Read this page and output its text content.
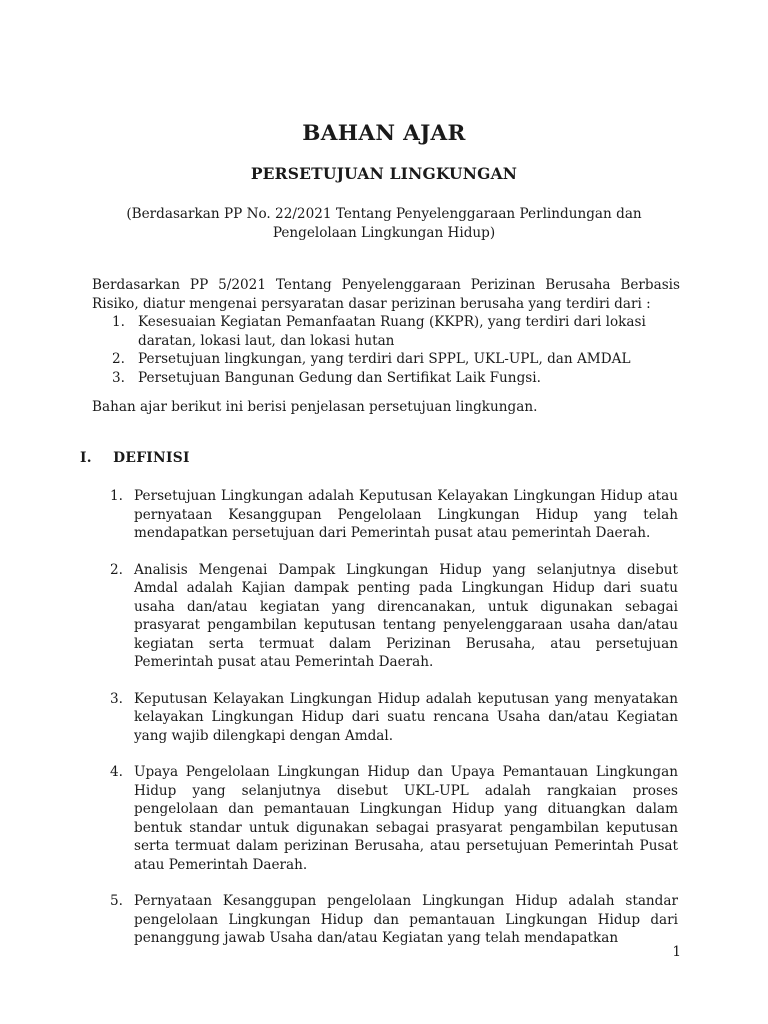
BAHAN AJAR
PERSETUJUAN LINGKUNGAN
(Berdasarkan PP No. 22/2021 Tentang Penyelenggaraan Perlindungan dan
Pengelolaan Lingkungan Hidup)
Berdasarkan PP 5/2021 Tentang Penyelenggaraan Perizinan Berusaha Berbasis Risiko, diatur mengenai persyaratan dasar perizinan berusaha yang terdiri dari :
1. Kesesuaian Kegiatan Pemanfaatan Ruang (KKPR), yang terdiri dari lokasi daratan, lokasi laut, dan lokasi hutan
2. Persetujuan lingkungan, yang terdiri dari SPPL, UKL-UPL, dan AMDAL
3. Persetujuan Bangunan Gedung dan Sertifikat Laik Fungsi.
Bahan ajar berikut ini berisi penjelasan persetujuan lingkungan.
I. DEFINISI
1. Persetujuan Lingkungan adalah Keputusan Kelayakan Lingkungan Hidup atau pernyataan Kesanggupan Pengelolaan Lingkungan Hidup yang telah mendapatkan persetujuan dari Pemerintah pusat atau pemerintah Daerah.
2. Analisis Mengenai Dampak Lingkungan Hidup yang selanjutnya disebut Amdal adalah Kajian dampak penting pada Lingkungan Hidup dari suatu usaha dan/atau kegiatan yang direncanakan, untuk digunakan sebagai prasyarat pengambilan keputusan tentang penyelenggaraan usaha dan/atau kegiatan serta termuat dalam Perizinan Berusaha, atau persetujuan Pemerintah pusat atau Pemerintah Daerah.
3. Keputusan Kelayakan Lingkungan Hidup adalah keputusan yang menyatakan kelayakan Lingkungan Hidup dari suatu rencana Usaha dan/atau Kegiatan yang wajib dilengkapi dengan Amdal.
4. Upaya Pengelolaan Lingkungan Hidup dan Upaya Pemantauan Lingkungan Hidup yang selanjutnya disebut UKL-UPL adalah rangkaian proses pengelolaan dan pemantauan Lingkungan Hidup yang dituangkan dalam bentuk standar untuk digunakan sebagai prasyarat pengambilan keputusan serta termuat dalam perizinan Berusaha, atau persetujuan Pemerintah Pusat atau Pemerintah Daerah.
5. Pernyataan Kesanggupan pengelolaan Lingkungan Hidup adalah standar pengelolaan Lingkungan Hidup dan pemantauan Lingkungan Hidup dari penanggung jawab Usaha dan/atau Kegiatan yang telah mendapatkan
1
